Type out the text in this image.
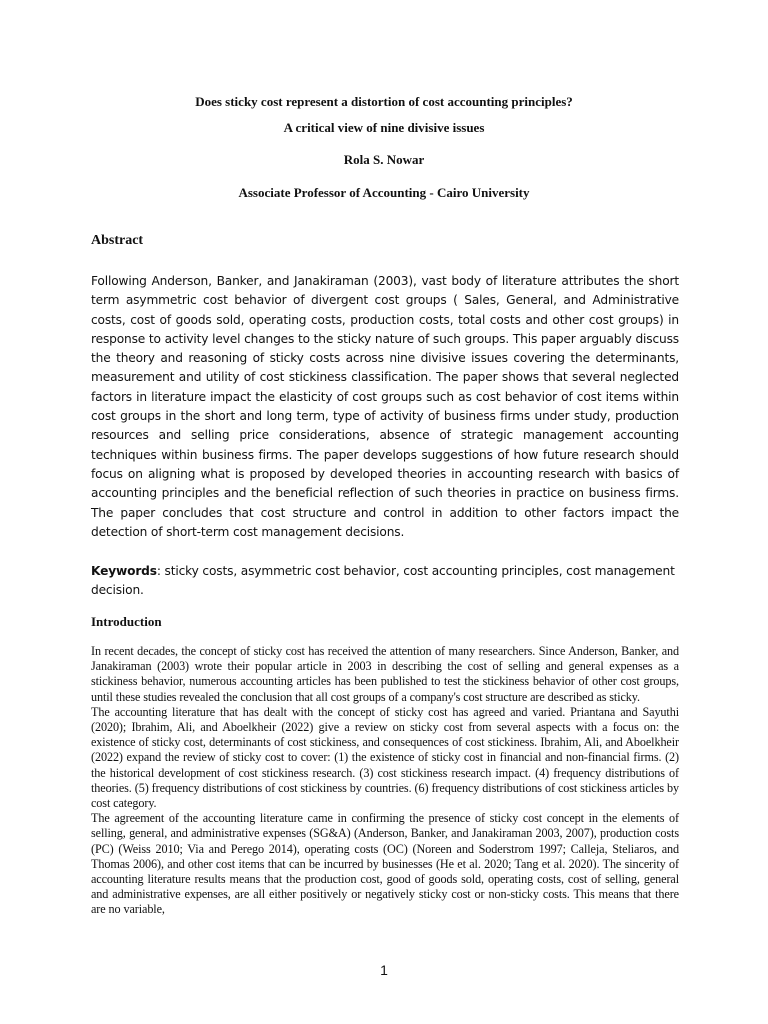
Does sticky cost represent a distortion of cost accounting principles?
A critical view of nine divisive issues
Rola S. Nowar
Associate Professor of Accounting - Cairo University
Abstract
Following Anderson, Banker, and Janakiraman (2003), vast body of literature attributes the short term asymmetric cost behavior of divergent cost groups ( Sales, General, and Administrative costs, cost of goods sold, operating costs, production costs, total costs and other cost groups) in response to activity level changes to the sticky nature of such groups. This paper arguably discuss the theory and reasoning of sticky costs across nine divisive issues covering the determinants, measurement and utility of cost stickiness classification. The paper shows that several neglected factors in literature impact the elasticity of cost groups such as cost behavior of cost items within cost groups in the short and long term, type of activity of business firms under study, production resources and selling price considerations, absence of strategic management accounting techniques within business firms. The paper develops suggestions of how future research should focus on aligning what is proposed by developed theories in accounting research with basics of accounting principles and the beneficial reflection of such theories in practice on business firms. The paper concludes that cost structure and control in addition to other factors impact the detection of short-term cost management decisions.
Keywords: sticky costs, asymmetric cost behavior, cost accounting principles, cost management decision.
Introduction

In recent decades, the concept of sticky cost has received the attention of many researchers. Since Anderson, Banker, and Janakiraman (2003) wrote their popular article in 2003 in describing the cost of selling and general expenses as a stickiness behavior, numerous accounting articles has been published to test the stickiness behavior of other cost groups, until these studies revealed the conclusion that all cost groups of a company's cost structure are described as sticky.

The accounting literature that has dealt with the concept of sticky cost has agreed and varied. Priantana and Sayuthi (2020); Ibrahim, Ali, and Aboelkheir (2022) give a review on sticky cost from several aspects with a focus on: the existence of sticky cost, determinants of cost stickiness, and consequences of cost stickiness. Ibrahim, Ali, and Aboelkheir (2022) expand the review of sticky cost to cover: (1) the existence of sticky cost in financial and non-financial firms. (2) the historical development of cost stickiness research. (3) cost stickiness research impact. (4) frequency distributions of theories. (5) frequency distributions of cost stickiness by countries. (6) frequency distributions of cost stickiness articles by cost category.

The agreement of the accounting literature came in confirming the presence of sticky cost concept in the elements of selling, general, and administrative expenses (SG&A) (Anderson, Banker, and Janakiraman 2003, 2007), production costs (PC) (Weiss 2010; Via and Perego 2014), operating costs (OC) (Noreen and Soderstrom 1997; Calleja, Steliaros, and Thomas 2006), and other cost items that can be incurred by businesses (He et al. 2020; Tang et al. 2020). The sincerity of accounting literature results means that the production cost, good of goods sold, operating costs, cost of selling, general and administrative expenses, are all either positively or negatively sticky cost or non-sticky costs. This means that there are no variable,

1
